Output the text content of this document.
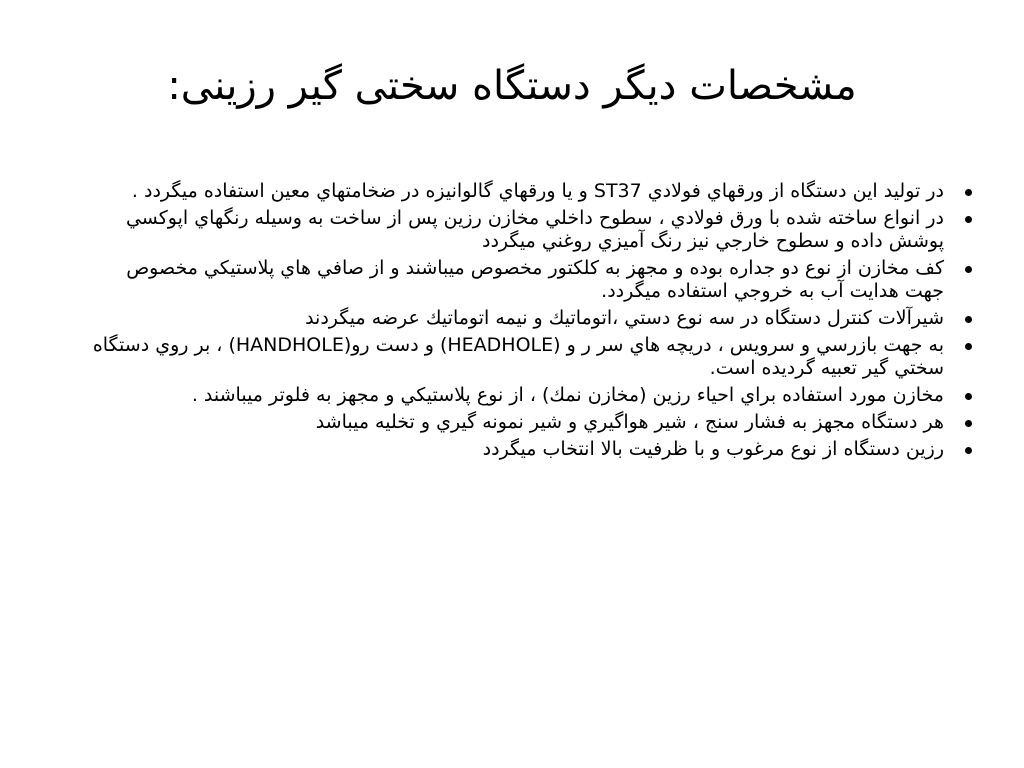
مشخصات ديگر دستگاه سختی گير رزينی:
در توليد اين دستگاه از ورقهاي فولادي ST37 و يا ورقهاي گالوانيزه در ضخامتهاي معين استفاده ميگردد .
در انواع ساخته شده با ورق فولادي ، سطوح داخلي مخازن رزين پس از ساخت به وسيله رنگهاي اپوكسي پوشش داده و سطوح خارجي نيز رنگ آميزي روغني ميگردد
كف مخازن از نوع دو جداره بوده و مجهز به كلكتور مخصوص ميباشند و از صافي هاي پلاستيكي مخصوص جهت هدايت آب به خروجي استفاده ميگردد.
شيرآلات كنترل دستگاه در سه نوع دستي ،اتوماتيك و نيمه اتوماتيك عرضه ميگردند
به جهت بازرسي و سرويس ، دريچه هاي سر ر و (HEADHOLE) و دست رو(HANDHOLE) ، بر روي دستگاه سختي گير تعبيه گرديده است.
مخازن مورد استفاده براي احياء رزين (مخازن نمك) ، از نوع پلاستيكي و مجهز به فلوتر ميباشند .
هر دستگاه مجهز به فشار سنج ، شير هواگيري و شير نمونه گيري و تخليه ميباشد
رزين دستگاه از نوع مرغوب و با ظرفيت بالا انتخاب ميگردد
